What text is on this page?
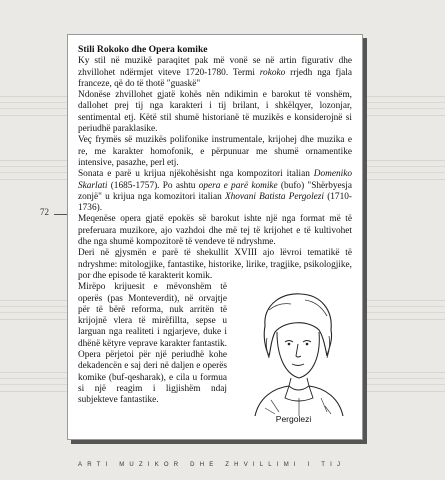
72
Stili Rokoko dhe Opera komike

Ky stil në muzikë paraqitet pak më vonë se në artin figurativ dhe zhvillohet ndërmjet viteve 1720-1780. Termi rokoko rrjedh nga fjala franceze, që do të thotë "guaskë"

Ndonëse zhvillohet gjatë kohës nën ndikimin e barokut të vonshëm, dallohet prej tij nga karakteri i tij brilant, i shkëlqyer, lozonjar, sentimental etj. Këtë stil shumë historianë të muzikës e konsiderojnë si periudhë paraklasike.

Veç frymës së muzikës polifonike instrumentale, krijohej dhe muzika e re, me karakter homofonik, e përpunuar me shumë ornamentike intensive, pasazhe, perl etj.

Sonata e parë u krijua njëkohësisht nga kompozitori italian Domeniko Skarlati (1685-1757). Po ashtu opera e parë komike (bufo) "Shërbyesja zonjë" u krijua nga komozitori italian Xhovani Batista Pergolezi (1710-1736).

Meqenëse opera gjatë epokës së barokut ishte një nga format më të preferuara muzikore, ajo vazhdoi dhe më tej të krijohet e të kultivohet dhe nga shumë kompozitorë të vendeve të ndryshme.

Deri në gjysmën e parë të shekullit XVIII ajo lëvroi tematikë të ndryshme: mitologjike, fantastike, historike, lirike, tragjike, psikologjike, por dhe episode të karakterit komik.

Pergolezi

Mirëpo krijuesit e mëvonshëm të operës (pas Monteverdit), në orvajtje për të bërë reforma, nuk arritën të krijojnë vlera të mirëfillta, sepse u larguan nga realiteti i ngjarjeve, duke i dhënë këtyre veprave karakter fantastik. Opera përjetoi për një periudhë kohe dekadencën e saj deri në daljen e operës komike (buf-qesharak), e cila u formua si një reagim i ligjishëm ndaj subjekteve fantastike.

ARTI MUZIKOR DHE ZHVILLIMI I TIJ
